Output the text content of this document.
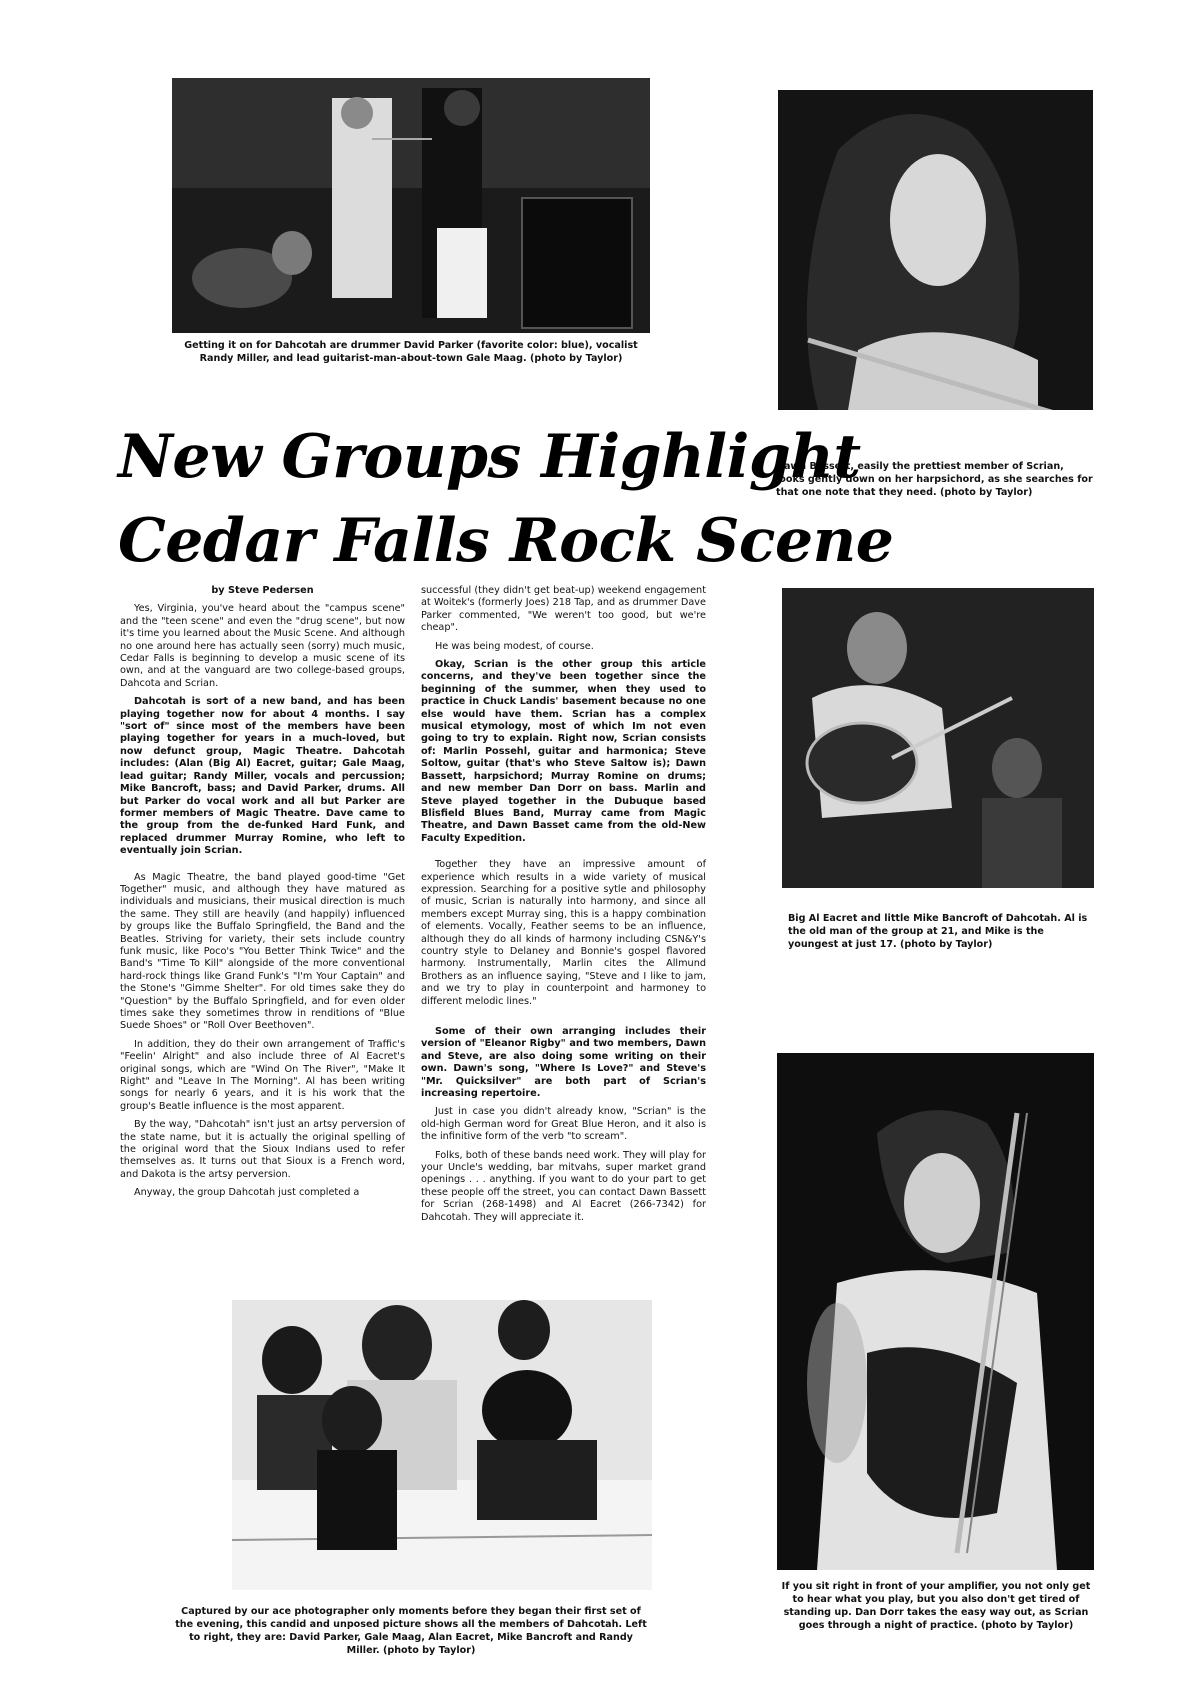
Getting it on for Dahcotah are drummer David Parker (favorite color: blue), vocalist Randy Miller, and lead guitarist-man-about-town Gale Maag. (photo by Taylor)
Dawn Bassett, easily the prettiest member of Scrian, looks gently down on her harpsichord, as she searches for that one note that they need. (photo by Taylor)
New Groups Highlight
Cedar Falls Rock Scene

by Steve Pedersen

Yes, Virginia, you've heard about the "campus scene" and the "teen scene" and even the "drug scene", but now it's time you learned about the Music Scene. And although no one around here has actually seen (sorry) much music, Cedar Falls is beginning to develop a music scene of its own, and at the vanguard are two college-based groups, Dahcota and Scrian.

Dahcotah is sort of a new band, and has been playing together now for about 4 months. I say "sort of" since most of the members have been playing together for years in a much-loved, but now defunct group, Magic Theatre. Dahcotah includes: (Alan (Big Al) Eacret, guitar; Gale Maag, lead guitar; Randy Miller, vocals and percussion; Mike Bancroft, bass; and David Parker, drums. All but Parker do vocal work and all but Parker are former members of Magic Theatre. Dave came to the group from the de-funked Hard Funk, and replaced drummer Murray Romine, who left to eventually join Scrian.

As Magic Theatre, the band played good-time "Get Together" music, and although they have matured as individuals and musicians, their musical direction is much the same. They still are heavily (and happily) influenced by groups like the Buffalo Springfield, the Band and the Beatles. Striving for variety, their sets include country funk music, like Poco's "You Better Think Twice" and the Band's "Time To Kill" alongside of the more conventional hard-rock things like Grand Funk's "I'm Your Captain" and the Stone's "Gimme Shelter". For old times sake they do "Question" by the Buffalo Springfield, and for even older times sake they sometimes throw in renditions of "Blue Suede Shoes" or "Roll Over Beethoven".

In addition, they do their own arrangement of Traffic's "Feelin' Alright" and also include three of Al Eacret's original songs, which are "Wind On The River", "Make It Right" and "Leave In The Morning". Al has been writing songs for nearly 6 years, and it is his work that the group's Beatle influence is the most apparent.

By the way, "Dahcotah" isn't just an artsy perversion of the state name, but it is actually the original spelling of the original word that the Sioux Indians used to refer themselves as. It turns out that Sioux is a French word, and Dakota is the artsy perversion.

Anyway, the group Dahcotah just completed a

successful (they didn't get beat-up) weekend engagement at Woitek's (formerly Joes) 218 Tap, and as drummer Dave Parker commented, "We weren't too good, but we're cheap".

He was being modest, of course.

Okay, Scrian is the other group this article concerns, and they've been together since the beginning of the summer, when they used to practice in Chuck Landis' basement because no one else would have them. Scrian has a complex musical etymology, most of which Im not even going to try to explain. Right now, Scrian consists of: Marlin Possehl, guitar and harmonica; Steve Soltow, guitar (that's who Steve Saltow is); Dawn Bassett, harpsichord; Murray Romine on drums; and new member Dan Dorr on bass. Marlin and Steve played together in the Dubuque based Blisfield Blues Band, Murray came from Magic Theatre, and Dawn Basset came from the old-New Faculty Expedition.

Together they have an impressive amount of experience which results in a wide variety of musical expression. Searching for a positive sytle and philosophy of music, Scrian is naturally into harmony, and since all members except Murray sing, this is a happy combination of elements. Vocally, Feather seems to be an influence, although they do all kinds of harmony including CSN&Y's country style to Delaney and Bonnie's gospel flavored harmony. Instrumentally, Marlin cites the Allmund Brothers as an influence saying, "Steve and I like to jam, and we try to play in counterpoint and harmoney to different melodic lines."

Some of their own arranging includes their version of "Eleanor Rigby" and two members, Dawn and Steve, are also doing some writing on their own. Dawn's song, "Where Is Love?" and Steve's "Mr. Quicksilver" are both part of Scrian's increasing repertoire.

Just in case you didn't already know, "Scrian" is the old-high German word for Great Blue Heron, and it also is the infinitive form of the verb "to scream".

Folks, both of these bands need work. They will play for your Uncle's wedding, bar mitvahs, super market grand openings . . . anything. If you want to do your part to get these people off the street, you can contact Dawn Bassett for Scrian (268-1498) and Al Eacret (266-7342) for Dahcotah. They will appreciate it.

Big Al Eacret and little Mike Bancroft of Dahcotah. Al is the old man of the group at 21, and Mike is the youngest at just 17. (photo by Taylor)
Captured by our ace photographer only moments before they began their first set of the evening, this candid and unposed picture shows all the members of Dahcotah. Left to right, they are: David Parker, Gale Maag, Alan Eacret, Mike Bancroft and Randy Miller. (photo by Taylor)
If you sit right in front of your amplifier, you not only get to hear what you play, but you also don't get tired of standing up. Dan Dorr takes the easy way out, as Scrian goes through a night of practice. (photo by Taylor)
